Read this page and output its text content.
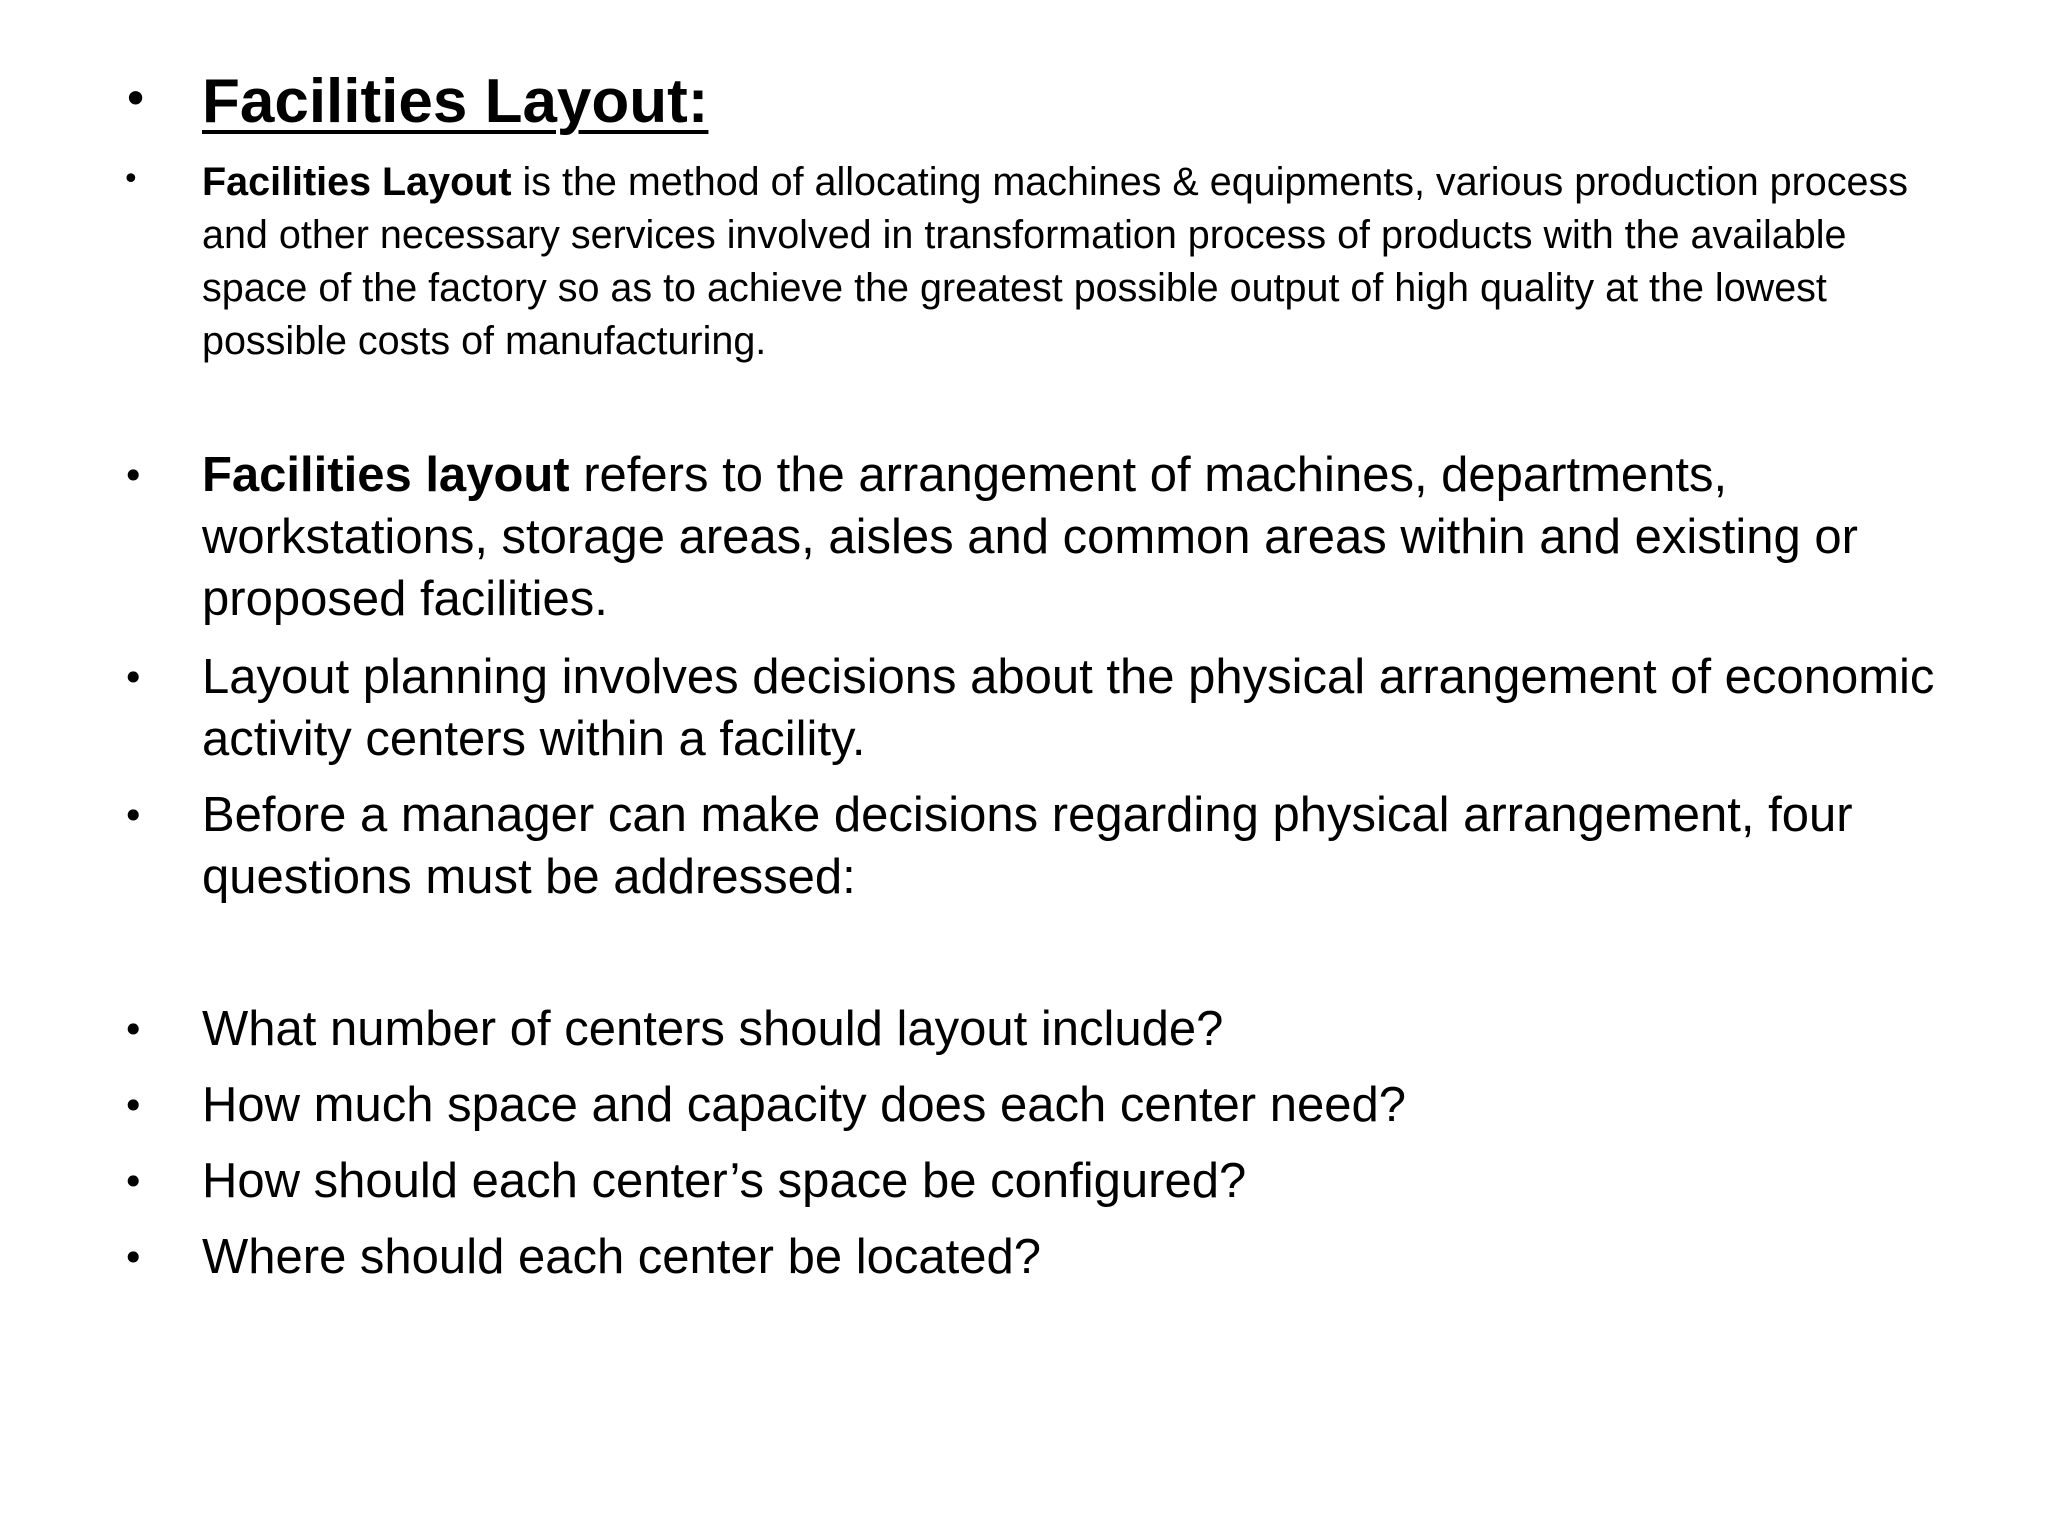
• Facilities Layout:
• Facilities Layout is the method of allocating machines & equipments, various production process and other necessary services involved in transformation process of products with the available space of the factory so as to achieve the greatest possible output of high quality at the lowest possible costs of manufacturing.
• Facilities layout refers to the arrangement of machines, departments, workstations, storage areas, aisles and common areas within and existing or proposed facilities.
• Layout planning involves decisions about the physical arrangement of economic activity centers within a facility.
• Before a manager can make decisions regarding physical arrangement, four questions must be addressed:
• What number of centers should layout include?
• How much space and capacity does each center need?
• How should each center’s space be configured?
• Where should each center be located?
